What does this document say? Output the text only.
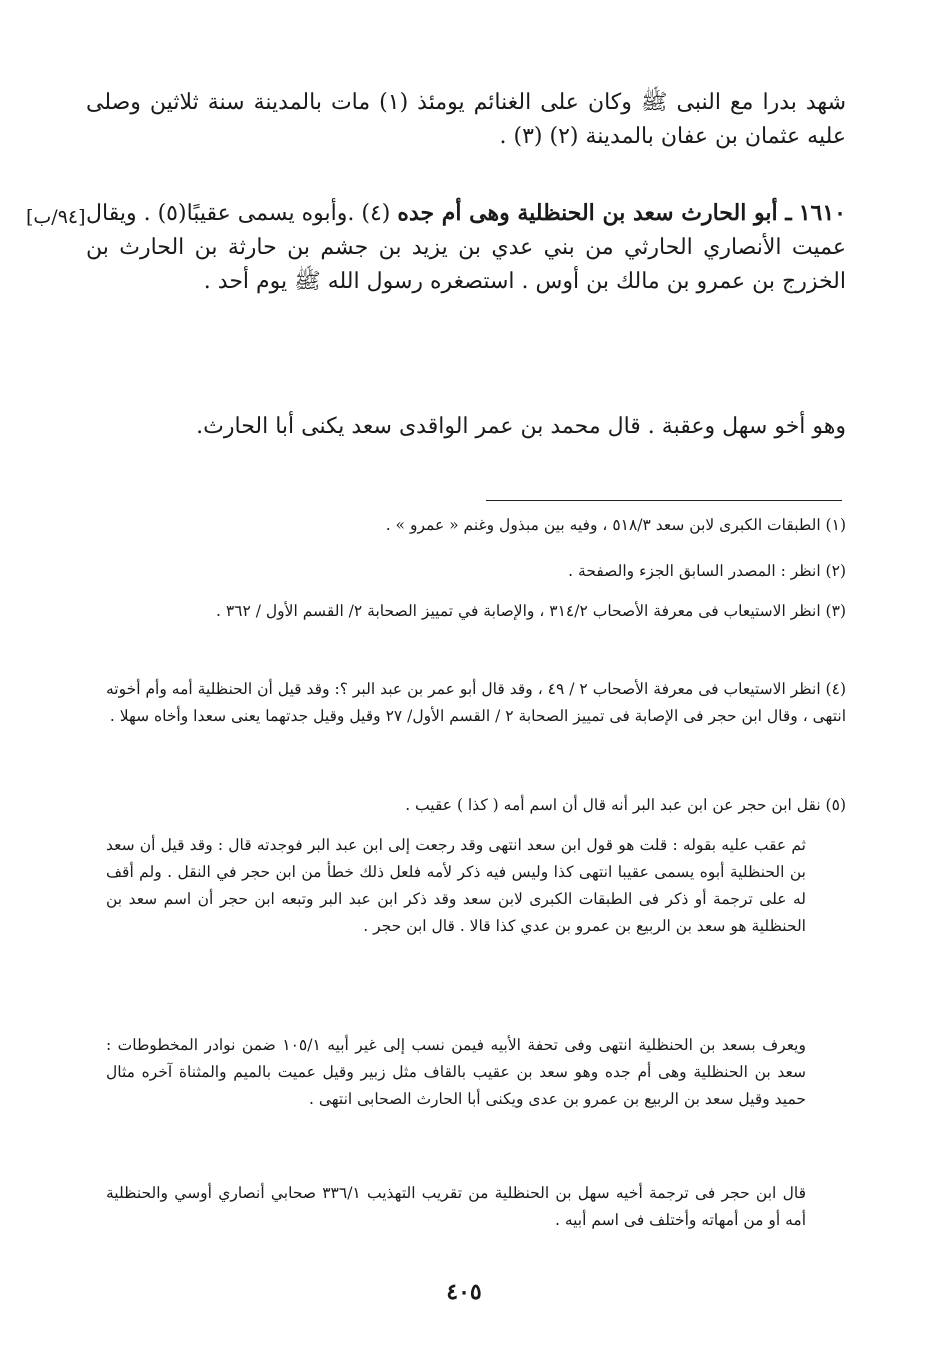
شهد بدرا مع النبى ﷺ وكان على الغنائم يومئذ (١) مات بالمدينة سنة ثلاثين وصلى عليه عثمان بن عفان بالمدينة (٢) (٣) .

١٦١٠ ـ أبو الحارث سعد بن الحنظلية وهى أم جده (٤) .وأبوه يسمى عقيبًا(٥) . ويقال عميت الأنصاري الحارثي من بني عدي بن يزيد بن جشم بن حارثة بن الحارث بن الخزرج بن عمرو بن مالك بن أوس . استصغره رسول الله ﷺ يوم أحد .

[٩٤/ب]

وهو أخو سهل وعقبة . قال محمد بن عمر الواقدى سعد يكنى أبا الحارث.

(١) الطبقات الكبرى لابن سعد ٥١٨/٣ ، وفيه بين مبذول وغنم « عمرو » .

(٢) انظر : المصدر السابق الجزء والصفحة .

(٣) انظر الاستيعاب فى معرفة الأصحاب ٣١٤/٢ ، والإصابة في تمييز الصحابة ٢/ القسم الأول / ٣٦٢ .

(٤) انظر الاستيعاب فى معرفة الأصحاب ٢ / ٤٩ ، وقد قال أبو عمر بن عبد البر ؟: وقد قيل أن الحنظلية أمه وأم أخوته انتهى ، وقال ابن حجر فى الإصابة فى تمييز الصحابة ٢ / القسم الأول/ ٢٧ وقيل وقيل جدتهما يعنى سعدا وأخاه سهلا .

(٥) نقل ابن حجر عن ابن عبد البر أنه قال أن اسم أمه ( كذا ) عقيب .

ثم عقب عليه بقوله : قلت هو قول ابن سعد انتهى وقد رجعت إلى ابن عبد البر فوجدته قال : وقد قيل أن سعد بن الحنظلية أبوه يسمى عقيبا انتهى كذا وليس فيه ذكر لأمه فلعل ذلك خطأ من ابن حجر في النقل . ولم أقف له على ترجمة أو ذكر فى الطبقات الكبرى لابن سعد وقد ذكر ابن عبد البر وتبعه ابن حجر أن اسم سعد بن الحنظلية هو سعد بن الربيع بن عمرو بن عدي كذا قالا . قال ابن حجر .

ويعرف بسعد بن الحنظلية انتهى وفى تحفة الأبيه فيمن نسب إلى غير أبيه ١٠٥/١ ضمن نوادر المخطوطات : سعد بن الحنظلية وهى أم جده وهو سعد بن عقيب بالقاف مثل زبير وقيل عميت بالميم والمثناة آخره مثال حميد وقيل سعد بن الربيع بن عمرو بن عدى ويكنى أبا الحارث الصحابى انتهى .

قال ابن حجر فى ترجمة أخيه سهل بن الحنظلية من تقريب التهذيب ٣٣٦/١ صحابي أنصاري أوسي والحنظلية أمه أو من أمهاته وأختلف فى اسم أبيه .

٤٠٥
